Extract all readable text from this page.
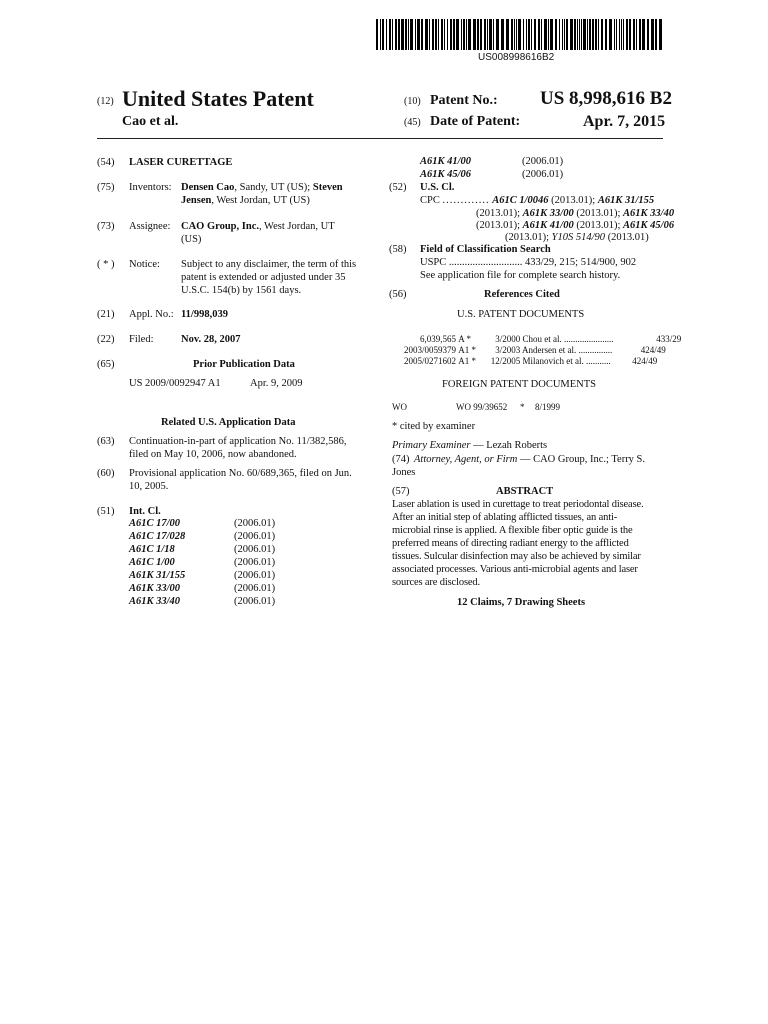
US008998616B2
(12) United States Patent
Cao et al.
(10) Patent No.: US 8,998,616 B2
(45) Date of Patent:	Apr. 7, 2015
(54) LASER CURETTAGE
(75) Inventors: Densen Cao, Sandy, UT (US); Steven
Jensen, West Jordan, UT (US)
(73) Assignee: CAO Group, Inc., West Jordan, UT
(US)
( * ) Notice: Subject to any disclaimer, the term of this
patent is extended or adjusted under 35
U.S.C. 154(b) by 1561 days.
(21) Appl. No.: 11/998,039
(22) Filed:	Nov. 28, 2007
(65)	Prior Publication Data
US 2009/0092947 A1	Apr. 9, 2009
Related U.S. Application Data
(63) Continuation-in-part of application No. 11/382,586,
filed on May 10, 2006, now abandoned.
(60) Provisional application No. 60/689,365, filed on Jun.
10, 2005.
(51) Int. Cl.
A61C 17/00	(2006.01)
A61C 17/028	(2006.01)
A61C 1/18	(2006.01)
A61C 1/00	(2006.01)
A61K 31/155	(2006.01)
A61K 33/00	(2006.01)
A61K 33/40	(2006.01)
A61K 41/00	(2006.01)
A61K 45/06	(2006.01)
(52) U.S. Cl.
CPC ............. A61C 1/0046 (2013.01); A61K 31/155
(2013.01); A61K 33/00 (2013.01); A61K 33/40
(2013.01); A61K 41/00 (2013.01); A61K 45/06
(2013.01); Y10S 514/90 (2013.01)
(58) Field of Classification Search
USPC ............................ 433/29, 215; 514/900, 902
See application file for complete search history.
(56)	References Cited
U.S. PATENT DOCUMENTS
6,039,565 A *	3/2000 Chou et al. ......................	433/29
2003/0059379 A1 * 3/2003 Andersen et al. ...............	424/49
2005/0271602 A1 * 12/2005 Milanovich et al. ........... 424/49
FOREIGN PATENT DOCUMENTS
WO	WO 99/39652 * 8/1999
* cited by examiner
Primary Examiner — Lezah Roberts
(74) Attorney, Agent, or Firm — CAO Group, Inc.; Terry S.
Jones
(57)	ABSTRACT
Laser ablation is used in curettage to treat periodontal disease.
After an initial step of ablating afflicted tissues, an anti-
microbial rinse is applied. A flexible fiber optic guide is the
preferred means of directing radiant energy to the afflicted
tissues. Sulcular disinfection may also be achieved by similar
associated processes. Various anti-microbial agents and laser
sources are disclosed.
12 Claims, 7 Drawing Sheets
